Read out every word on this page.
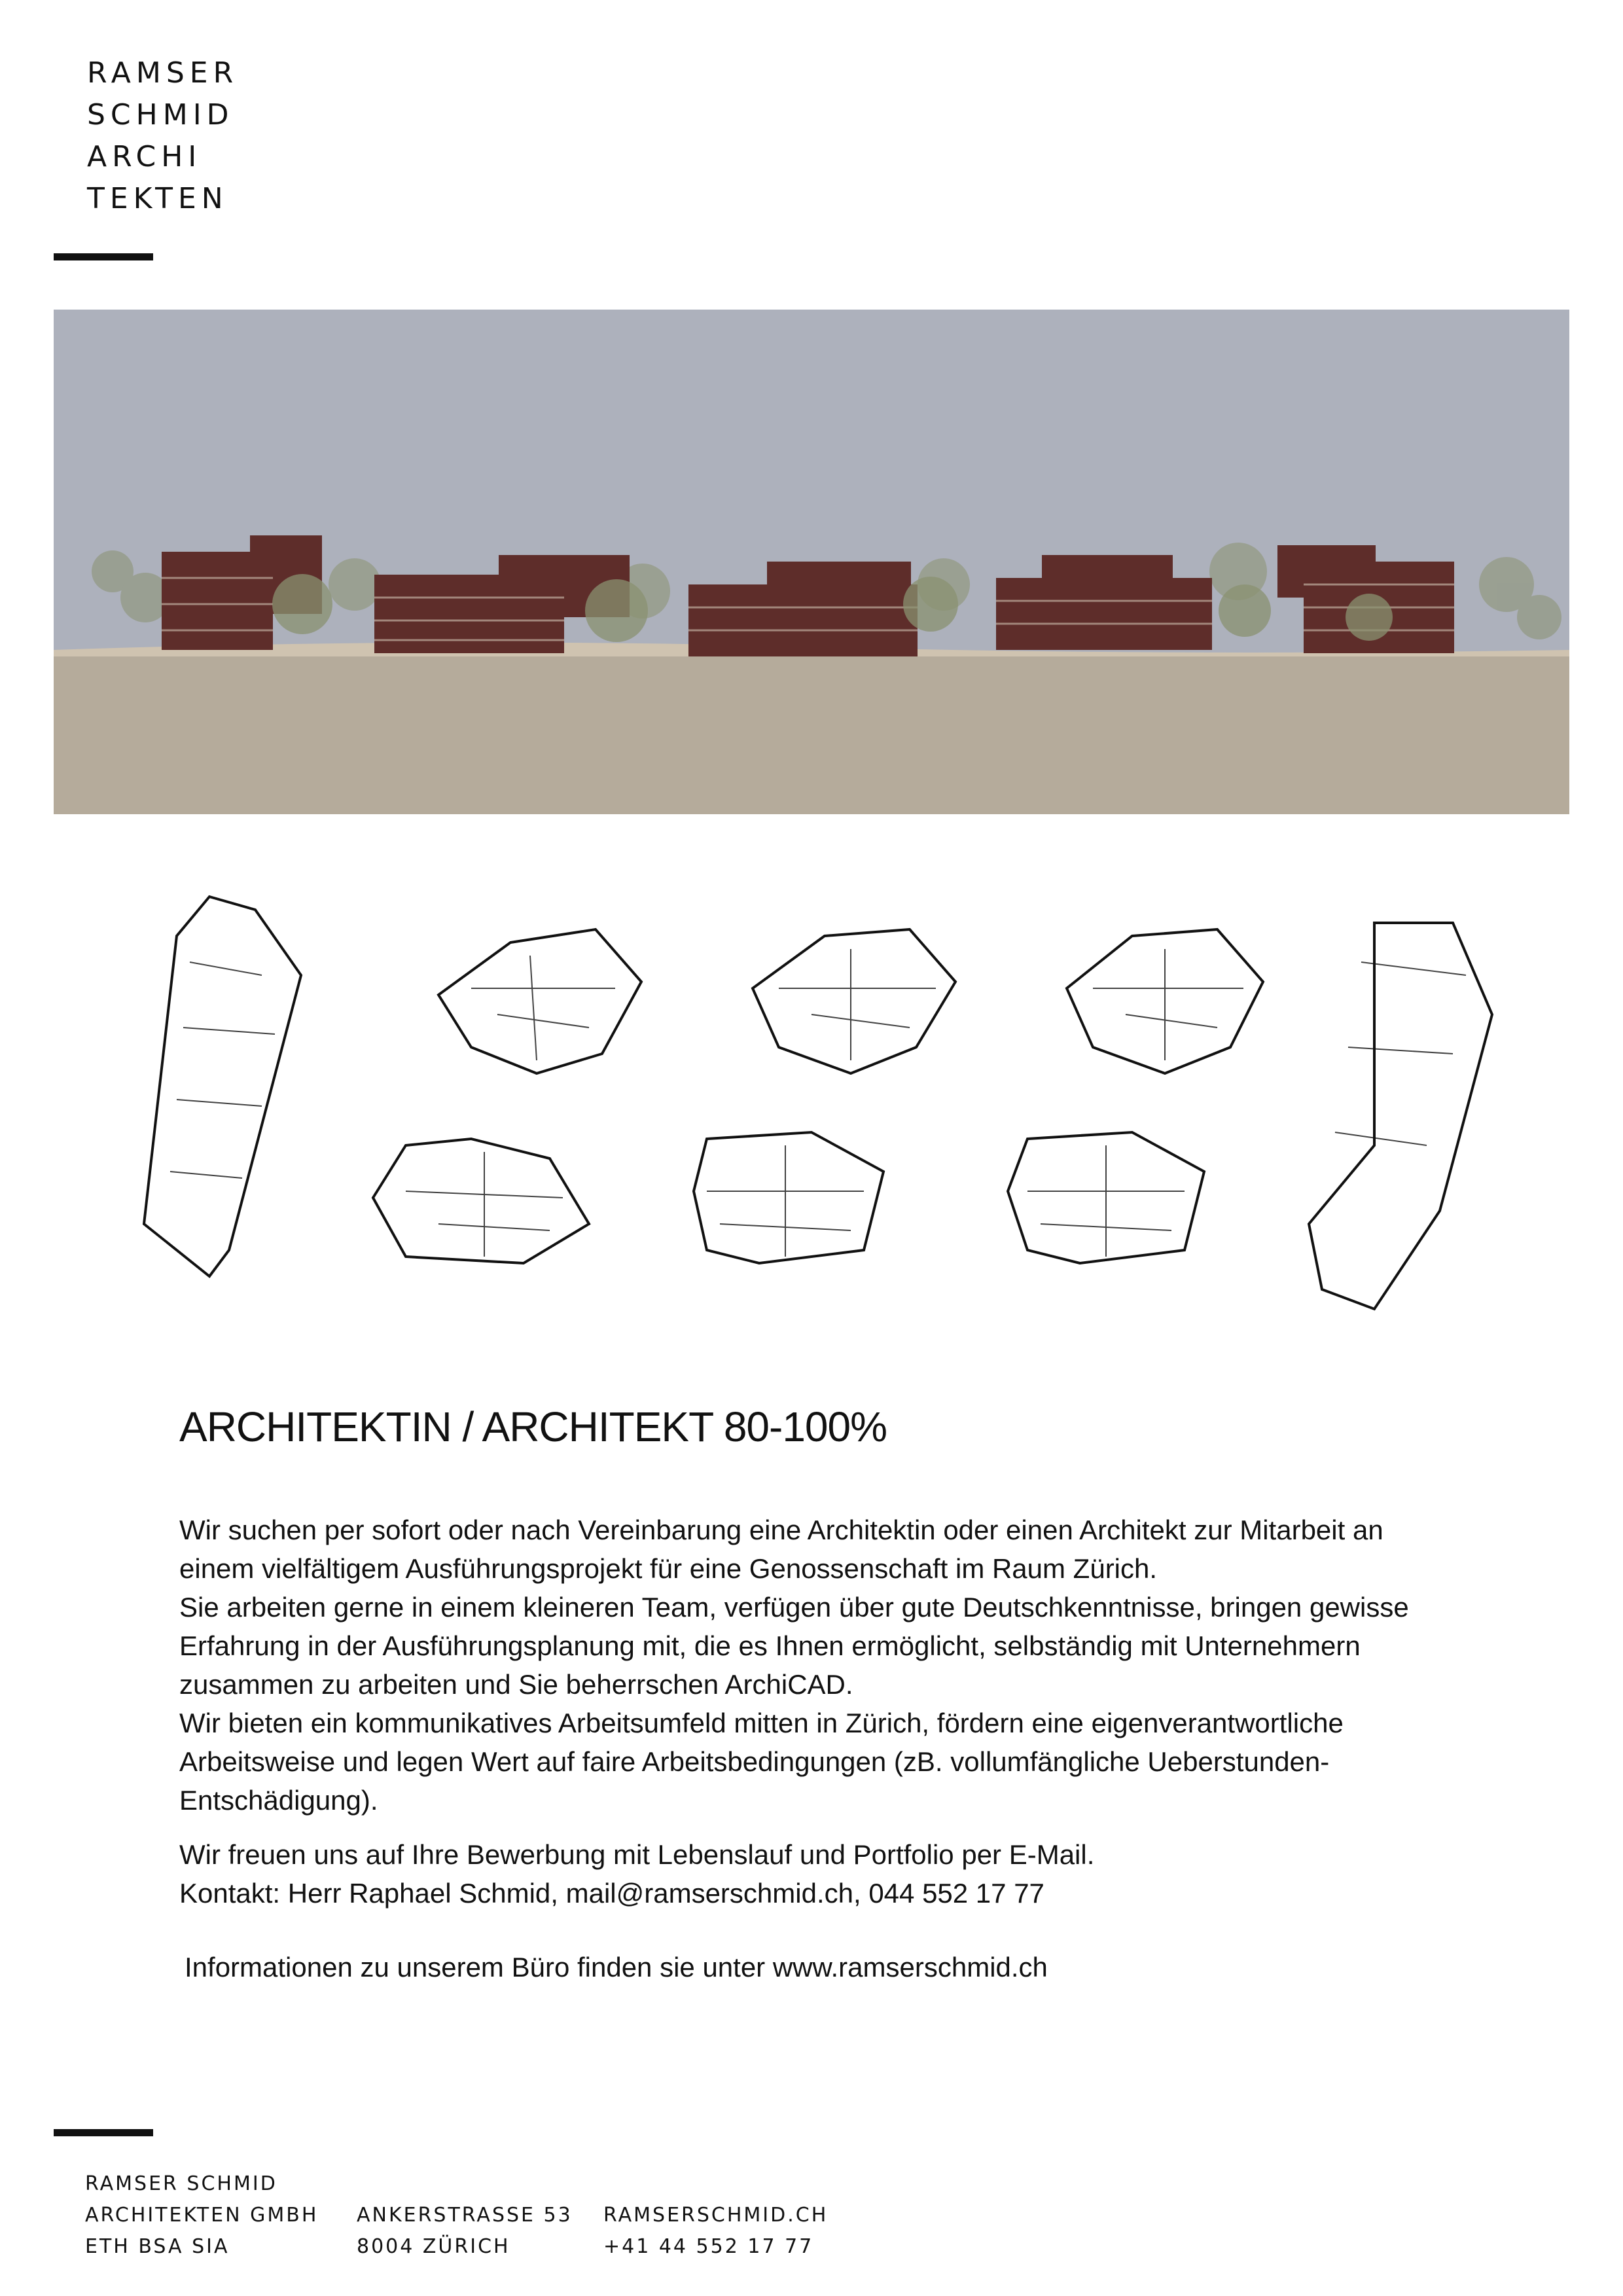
RAMSER
SCHMID
ARCHI
TEKTEN
ARCHITEKTIN / ARCHITEKT 80-100%

Wir suchen per sofort oder nach Vereinbarung eine Architektin oder einen Architekt zur Mitarbeit an

einem vielfältigem Ausführungsprojekt für eine Genossenschaft im Raum Zürich.

Sie arbeiten gerne in einem kleineren Team, verfügen über gute Deutschkenntnisse, bringen gewisse

Erfahrung in der Ausführungsplanung mit, die es Ihnen ermöglicht, selbständig mit Unternehmern

zusammen zu arbeiten und Sie beherrschen ArchiCAD.

Wir bieten ein kommunikatives Arbeitsumfeld mitten in Zürich, fördern eine eigenverantwortliche

Arbeitsweise und legen Wert auf faire Arbeitsbedingungen (zB. vollumfängliche Ueberstunden-

Entschädigung).

Wir freuen uns auf Ihre Bewerbung mit Lebenslauf und Portfolio per E-Mail.

Kontakt: Herr Raphael Schmid, mail@ramserschmid.ch, 044 552 17 77

Informationen zu unserem Büro finden sie unter www.ramserschmid.ch

RAMSER SCHMID
ARCHITEKTEN GMBH
ETH BSA SIA
ANKERSTRASSE 53
8004 ZÜRICH
RAMSERSCHMID.CH
+41 44 552 17 77
